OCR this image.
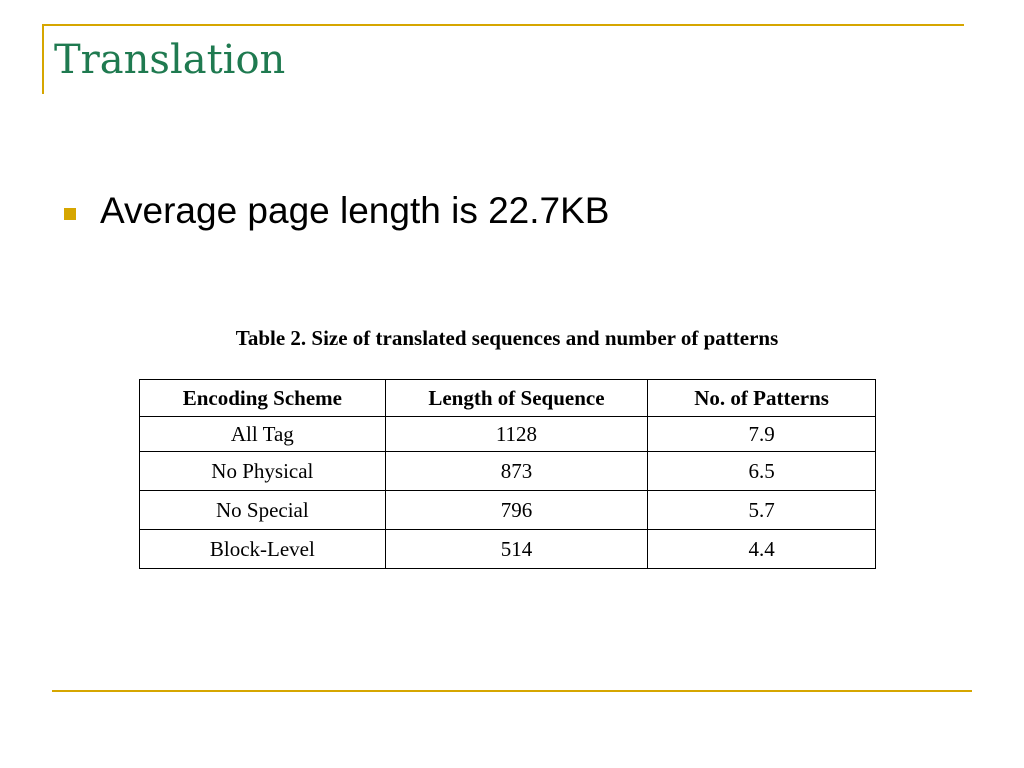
Translation
Average page length is 22.7KB
Table 2. Size of translated sequences and number of patterns
Encoding Scheme	Length of Sequence	No. of Patterns
All Tag	1128	7.9
No Physical	873	6.5
No Special	796	5.7
Block-Level	514	4.4
